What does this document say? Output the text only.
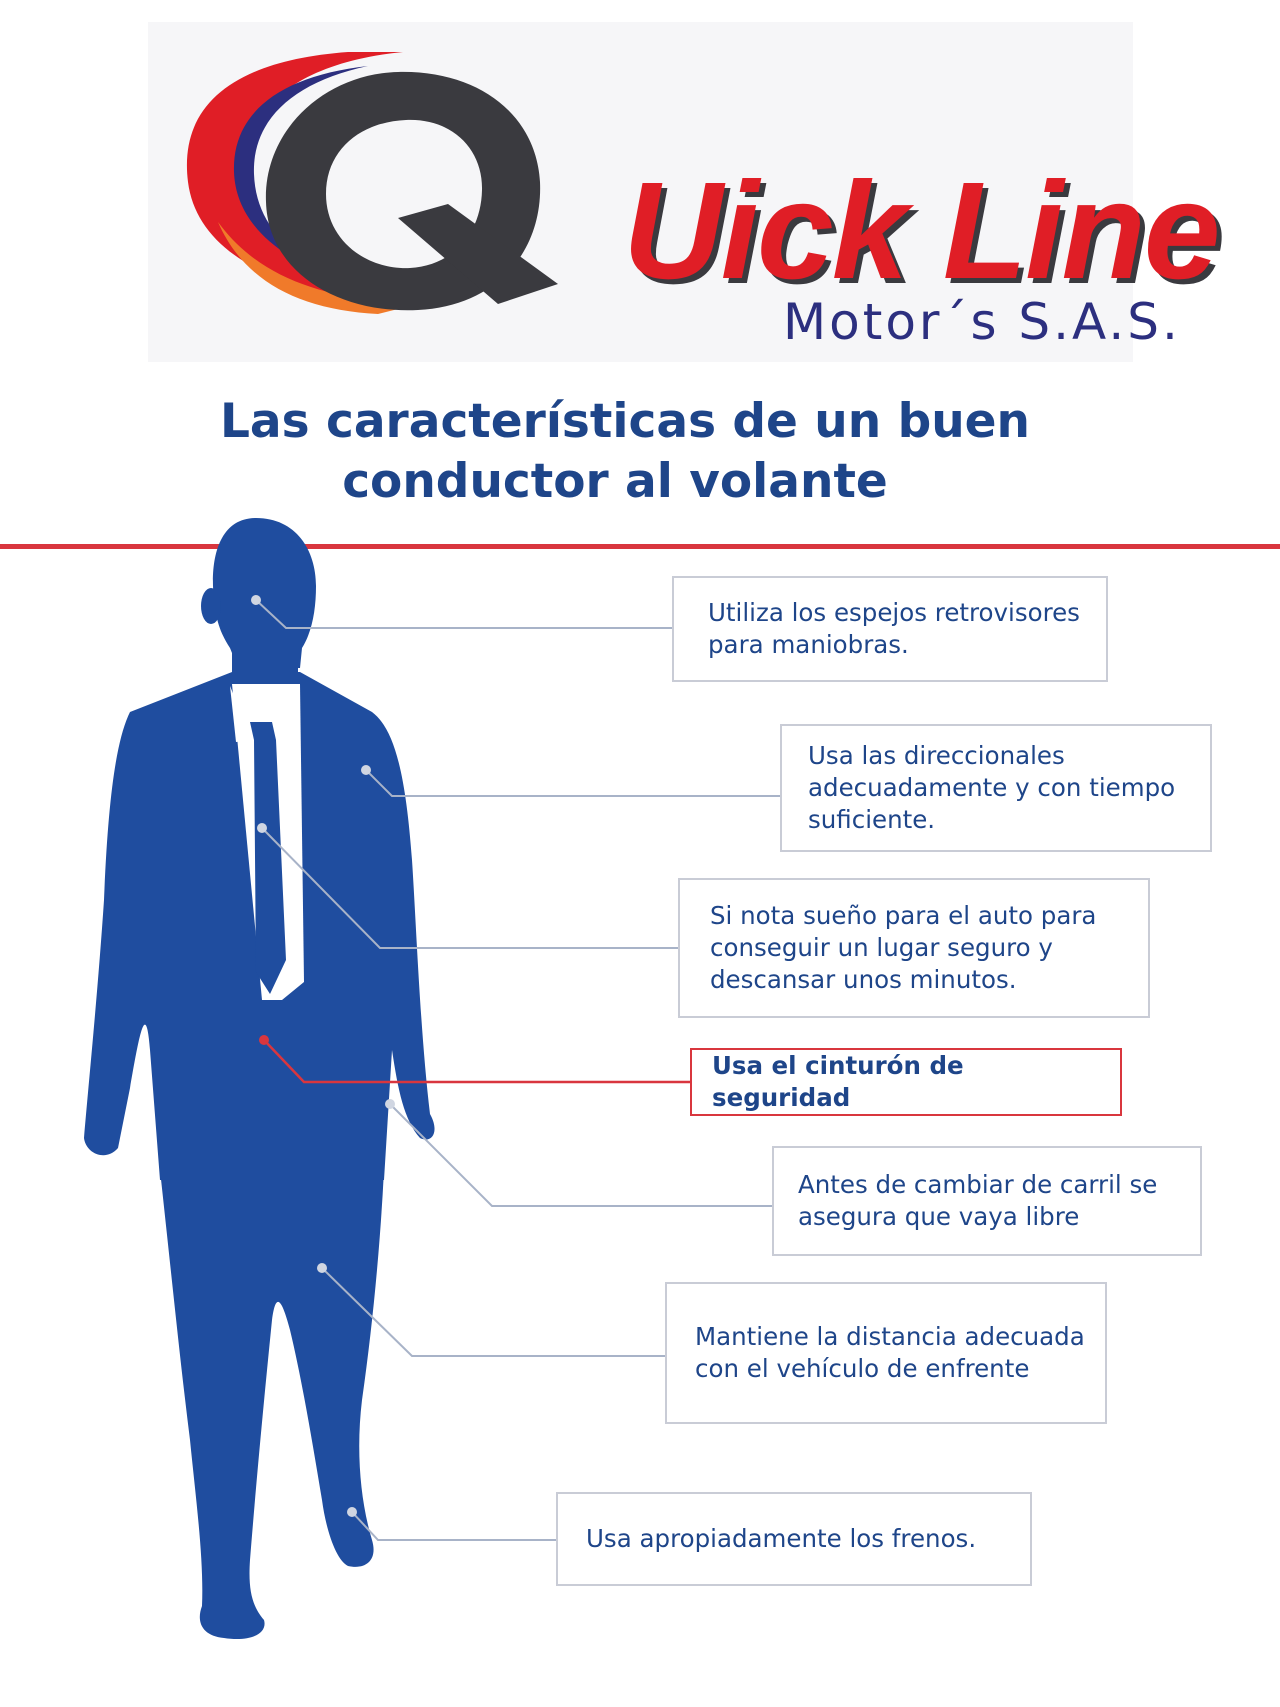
Uick Line
Motor´s S.A.S.
Las características de un buen
conductor al volante
Utiliza los espejos retrovisores para maniobras.
Usa las direccionales adecuadamente y con tiempo suficiente.
Si nota sueño para el auto para conseguir un lugar seguro y descansar unos minutos.
Usa el cinturón de seguridad
Antes de cambiar de carril se asegura que vaya libre
Mantiene la distancia adecuada con el vehículo de enfrente
Usa apropiadamente los frenos.
